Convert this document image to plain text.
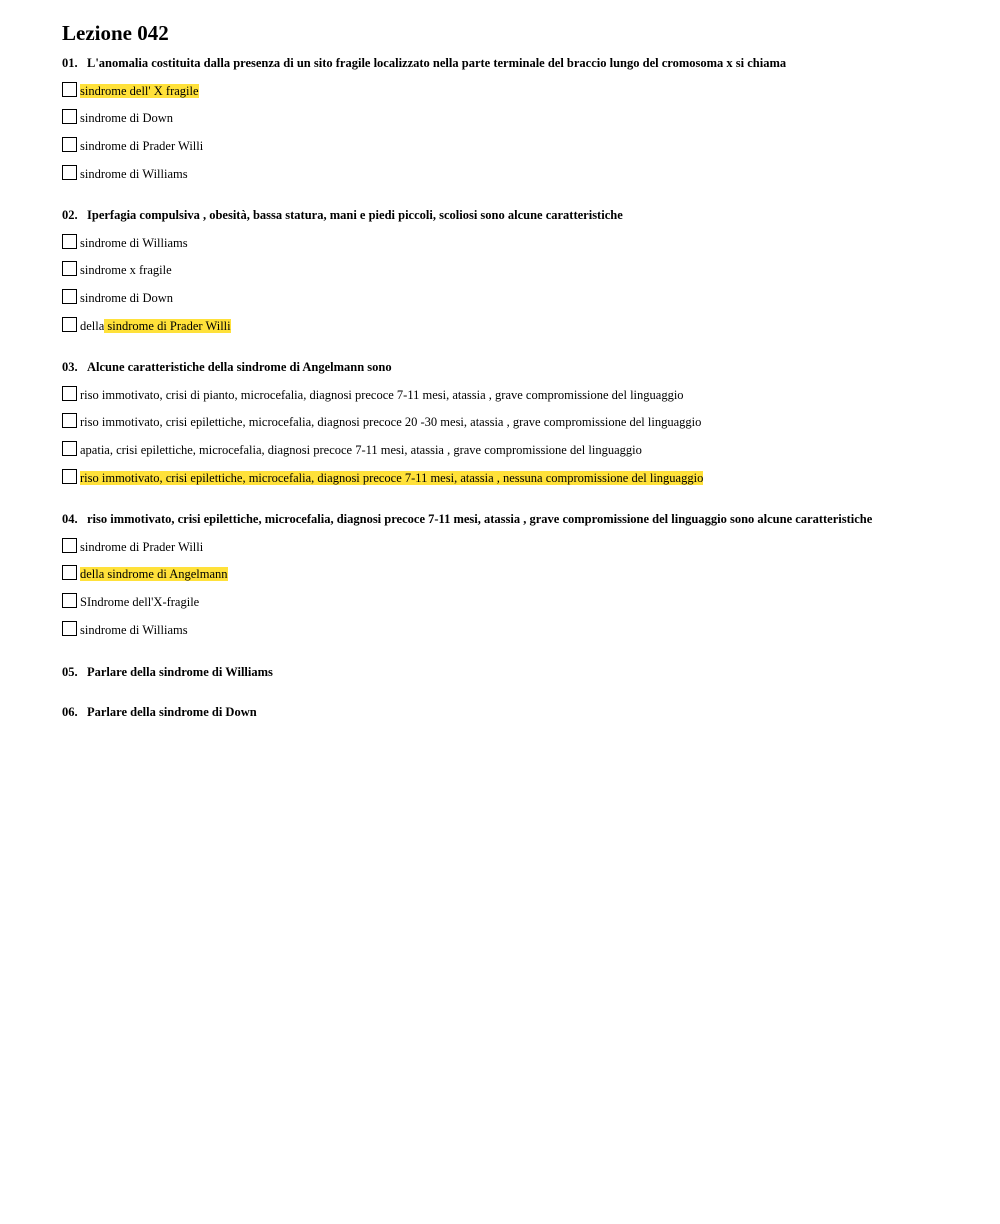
Lezione 042

01. L'anomalia costituita dalla presenza di un sito fragile localizzato nella parte terminale del braccio lungo del cromosoma x si chiama

sindrome dell' X fragile
sindrome di Down
sindrome di Prader Willi
sindrome di Williams

02. Iperfagia compulsiva , obesità, bassa statura, mani e piedi piccoli, scoliosi sono alcune caratteristiche

sindrome di Williams
sindrome x fragile
sindrome di Down
della sindrome di Prader Willi

03. Alcune caratteristiche della sindrome di Angelmann sono

riso immotivato, crisi di pianto, microcefalia, diagnosi precoce 7-11 mesi, atassia , grave compromissione del linguaggio
riso immotivato, crisi epilettiche, microcefalia, diagnosi precoce 20 -30 mesi, atassia , grave compromissione del linguaggio
apatia, crisi epilettiche, microcefalia, diagnosi precoce 7-11 mesi, atassia , grave compromissione del linguaggio
riso immotivato, crisi epilettiche, microcefalia, diagnosi precoce 7-11 mesi, atassia , nessuna compromissione del linguaggio

04. riso immotivato, crisi epilettiche, microcefalia, diagnosi precoce 7-11 mesi, atassia , grave compromissione del linguaggio sono alcune caratteristiche

sindrome di Prader Willi
della sindrome di Angelmann
SIndrome dell'X-fragile
sindrome di Williams

05. Parlare della sindrome di Williams

06. Parlare della sindrome di Down
